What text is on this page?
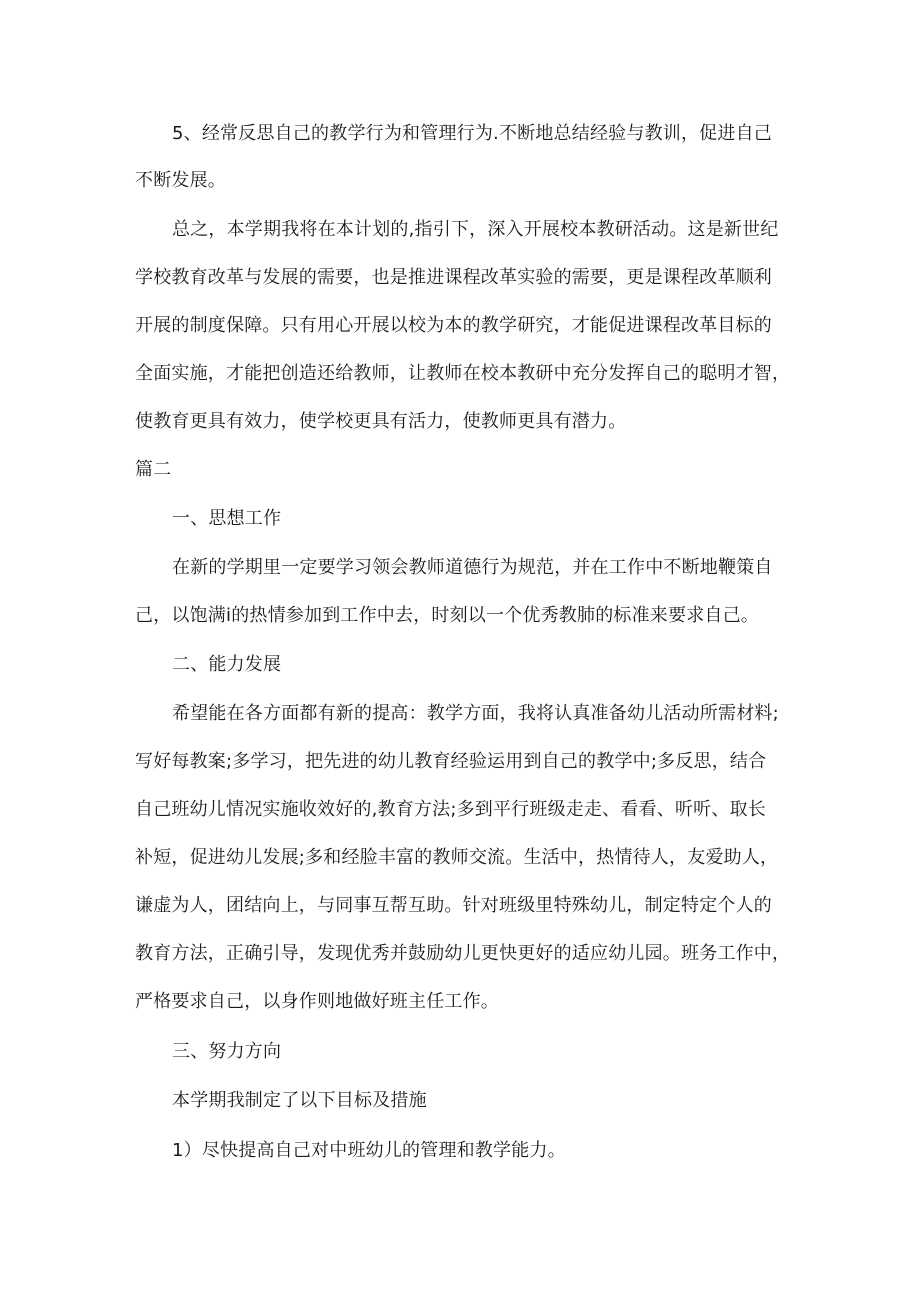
5、经常反思自己的教学行为和管理行为.不断地总结经验与教训，促进自己
不断发展。
总之，本学期我将在本计划的,指引下，深入开展校本教研活动。这是新世纪
学校教育改革与发展的需要，也是推进课程改革实验的需要，更是课程改革顺利
开展的制度保障。只有用心开展以校为本的教学研究，才能促进课程改革目标的
全面实施，才能把创造还给教师，让教师在校本教研中充分发挥自己的聪明才智，
使教育更具有效力，使学校更具有活力，使教师更具有潜力。
篇二
一、思想工作
在新的学期里一定要学习领会教师道德行为规范，并在工作中不断地鞭策自
己，以饱满i的热情参加到工作中去，时刻以一个优秀教肺的标准来要求自己。
二、能力发展
希望能在各方面都有新的提高：教学方面，我将认真准备幼儿活动所需材料;
写好每教案;多学习，把先进的幼儿教育经验运用到自己的教学中;多反思，结合
自己班幼儿情况实施收效好的,教育方法;多到平行班级走走、看看、听听、取长
补短，促进幼儿发展;多和经脸丰富的教师交流。生活中，热情待人，友爱助人，
谦虚为人，团结向上，与同事互帮互助。针对班级里特殊幼儿，制定特定个人的
教育方法，正确引导，发现优秀并鼓励幼儿更快更好的适应幼儿园。班务工作中，
严格要求自己，以身作则地做好班主任工作。
三、努力方向
本学期我制定了以下目标及措施
1）尽快提高自己对中班幼儿的管理和教学能力。
